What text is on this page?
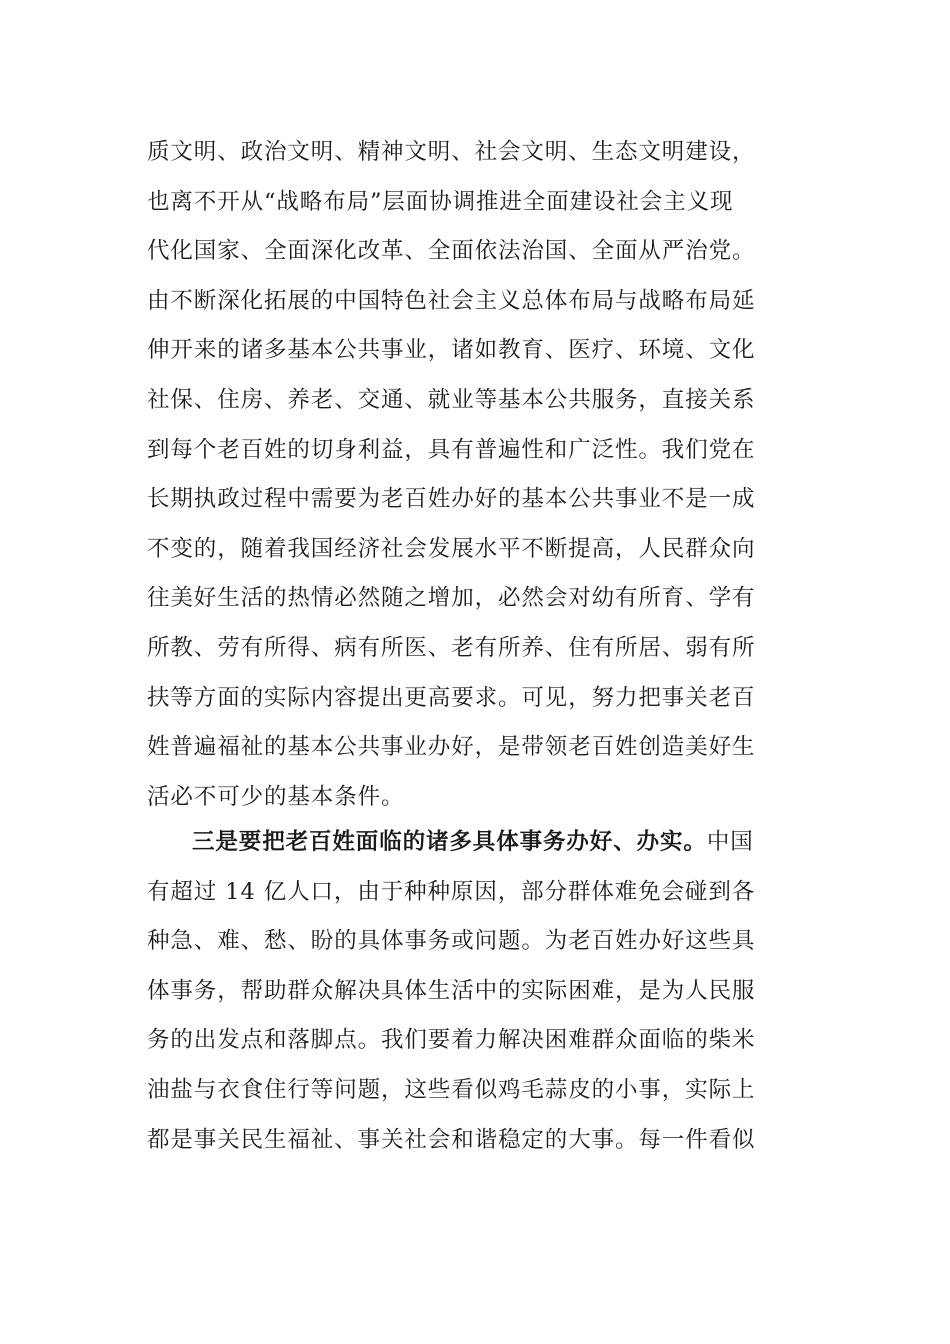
质文明、政治文明、精神文明、社会文明、生态文明建设，
也离不开从“战略布局”层面协调推进全面建设社会主义现
代化国家、全面深化改革、全面依法治国、全面从严治党。
由不断深化拓展的中国特色社会主义总体布局与战略布局延
伸开来的诸多基本公共事业，诸如教育、医疗、环境、文化
社保、住房、养老、交通、就业等基本公共服务，直接关系
到每个老百姓的切身利益，具有普遍性和广泛性。我们党在
长期执政过程中需要为老百姓办好的基本公共事业不是一成
不变的，随着我国经济社会发展水平不断提高，人民群众向
往美好生活的热情必然随之增加，必然会对幼有所育、学有
所教、劳有所得、病有所医、老有所养、住有所居、弱有所
扶等方面的实际内容提出更高要求。可见，努力把事关老百
姓普遍福祉的基本公共事业办好，是带领老百姓创造美好生
活必不可少的基本条件。
三是要把老百姓面临的诸多具体事务办好、办实。中国
有超过 14 亿人口，由于种种原因，部分群体难免会碰到各
种急、难、愁、盼的具体事务或问题。为老百姓办好这些具
体事务，帮助群众解决具体生活中的实际困难，是为人民服
务的出发点和落脚点。我们要着力解决困难群众面临的柴米
油盐与衣食住行等问题，这些看似鸡毛蒜皮的小事，实际上
都是事关民生福祉、事关社会和谐稳定的大事。每一件看似
